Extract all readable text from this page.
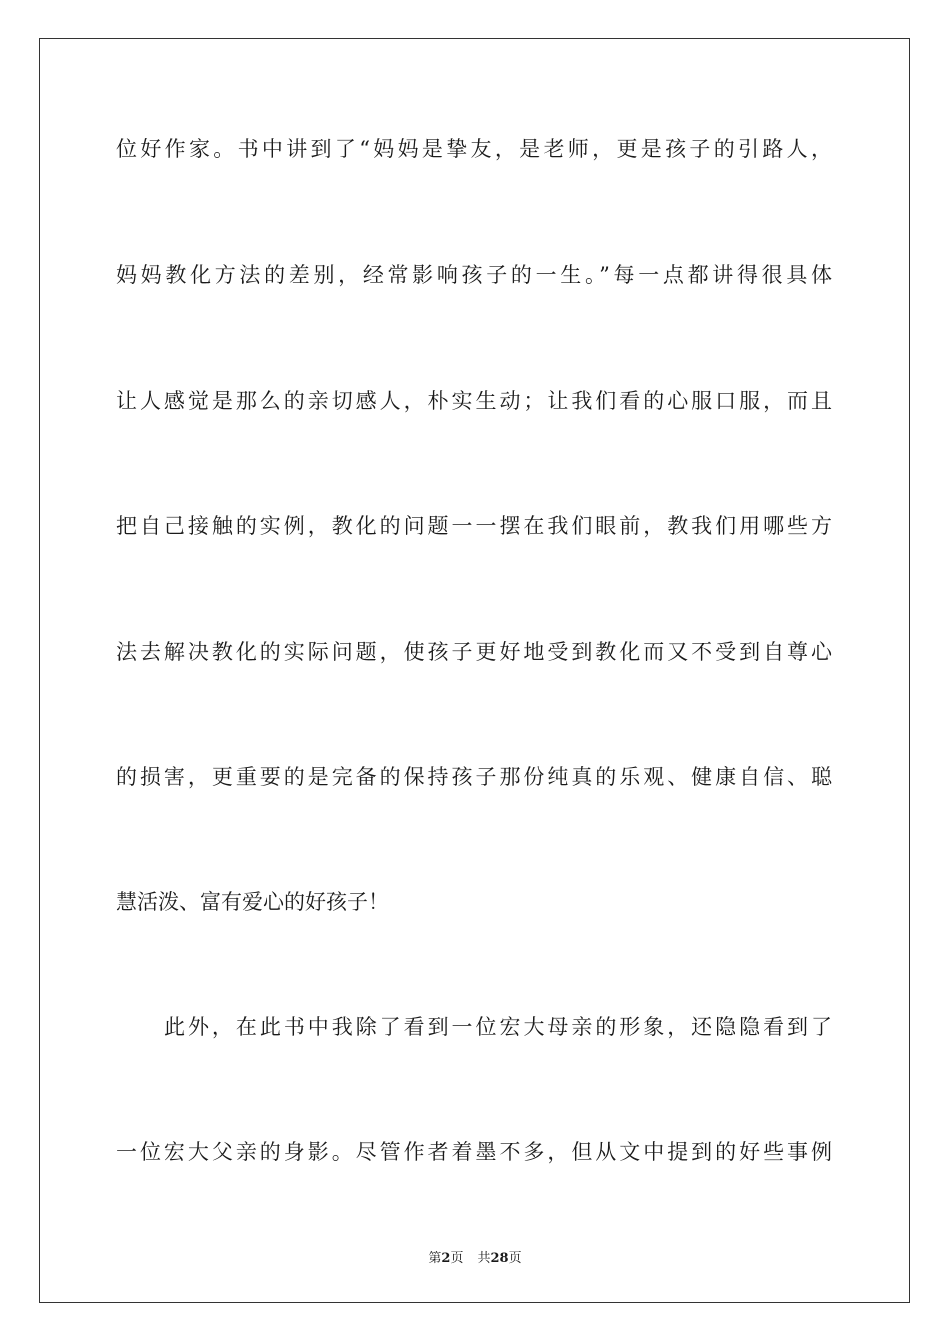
位好作家。书中讲到了“妈妈是挚友，是老师，更是孩子的引路人，
妈妈教化方法的差别，经常影响孩子的一生。”每一点都讲得很具体
让人感觉是那么的亲切感人，朴实生动；让我们看的心服口服，而且
把自己接触的实例，教化的问题一一摆在我们眼前，教我们用哪些方
法去解决教化的实际问题，使孩子更好地受到教化而又不受到自尊心
的损害，更重要的是完备的保持孩子那份纯真的乐观、健康自信、聪
慧活泼、富有爱心的好孩子！
此外，在此书中我除了看到一位宏大母亲的形象，还隐隐看到了
一位宏大父亲的身影。尽管作者着墨不多，但从文中提到的好些事例
第2页 共28页
